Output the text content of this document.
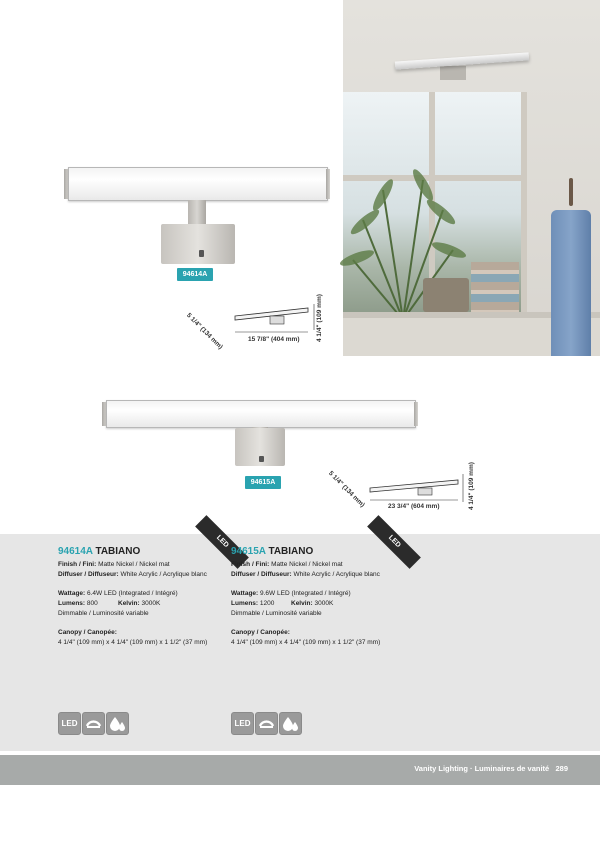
94614A
5 1/4" (134 mm)	15 7/8" (404 mm)	4 1/4" (109 mm)
94615A	5 1/4" (134 mm)	23 3/4" (604 mm)	4 1/4" (109 mm)
LED	LED
94614A TABIANO
Finish / Fini: Matte Nickel / Nickel mat
Diffuser / Diffuseur: White Acrylic / Acrylique blanc
Wattage: 6.4W LED (Integrated / Intégré)
Lumens: 800	Kelvin: 3000K
Dimmable / Luminosité variable
Canopy / Canopée:
4 1/4" (109 mm) x 4 1/4" (109 mm) x 1 1/2" (37 mm)
94615A TABIANO
Finish / Fini: Matte Nickel / Nickel mat
Diffuser / Diffuseur: White Acrylic / Acrylique blanc
Wattage: 9.6W LED (Integrated / Intégré)
Lumens: 1200	Kelvin: 3000K
Dimmable / Luminosité variable
Canopy / Canopée:
4 1/4" (109 mm) x 4 1/4" (109 mm) x 1 1/2" (37 mm)
LED	LED
Vanity Lighting · Luminaires de vanité 289
